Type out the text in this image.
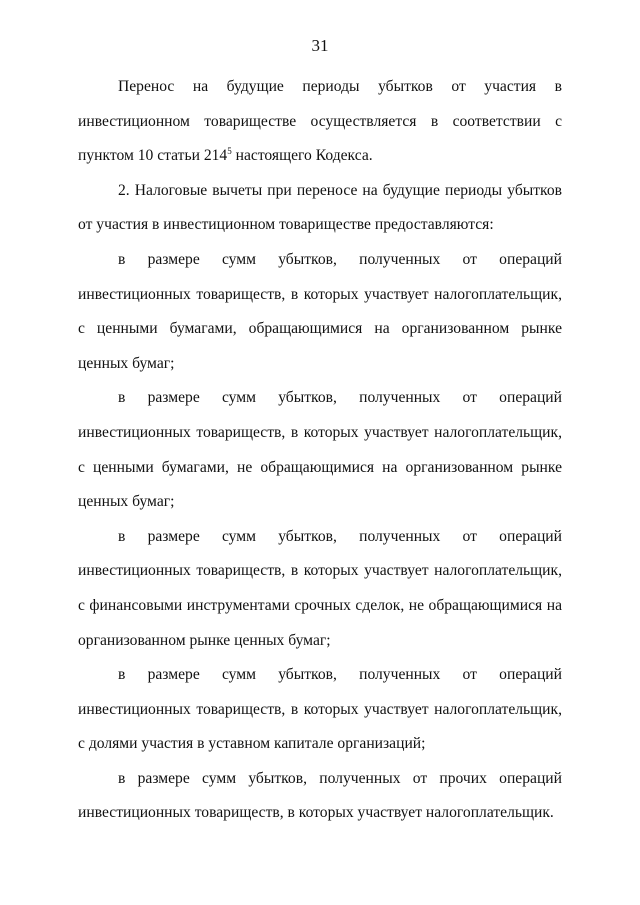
31

Перенос на будущие периоды убытков от участия в инвестиционном товариществе осуществляется в соответствии с пунктом 10 статьи $214^5$ настоящего Кодекса.

2. Налоговые вычеты при переносе на будущие периоды убытков от участия в инвестиционном товариществе предоставляются:

в размере сумм убытков, полученных от операций инвестиционных товариществ, в которых участвует налогоплательщик, с ценными бумагами, обращающимися на организованном рынке ценных бумаг;

в размере сумм убытков, полученных от операций инвестиционных товариществ, в которых участвует налогоплательщик, с ценными бумагами, не обращающимися на организованном рынке ценных бумаг;

в размере сумм убытков, полученных от операций инвестиционных товариществ, в которых участвует налогоплательщик, с финансовыми инструментами срочных сделок, не обращающимися на организованном рынке ценных бумаг;

в размере сумм убытков, полученных от операций инвестиционных товариществ, в которых участвует налогоплательщик, с долями участия в уставном капитале организаций;

в размере сумм убытков, полученных от прочих операций инвестиционных товариществ, в которых участвует налогоплательщик.
